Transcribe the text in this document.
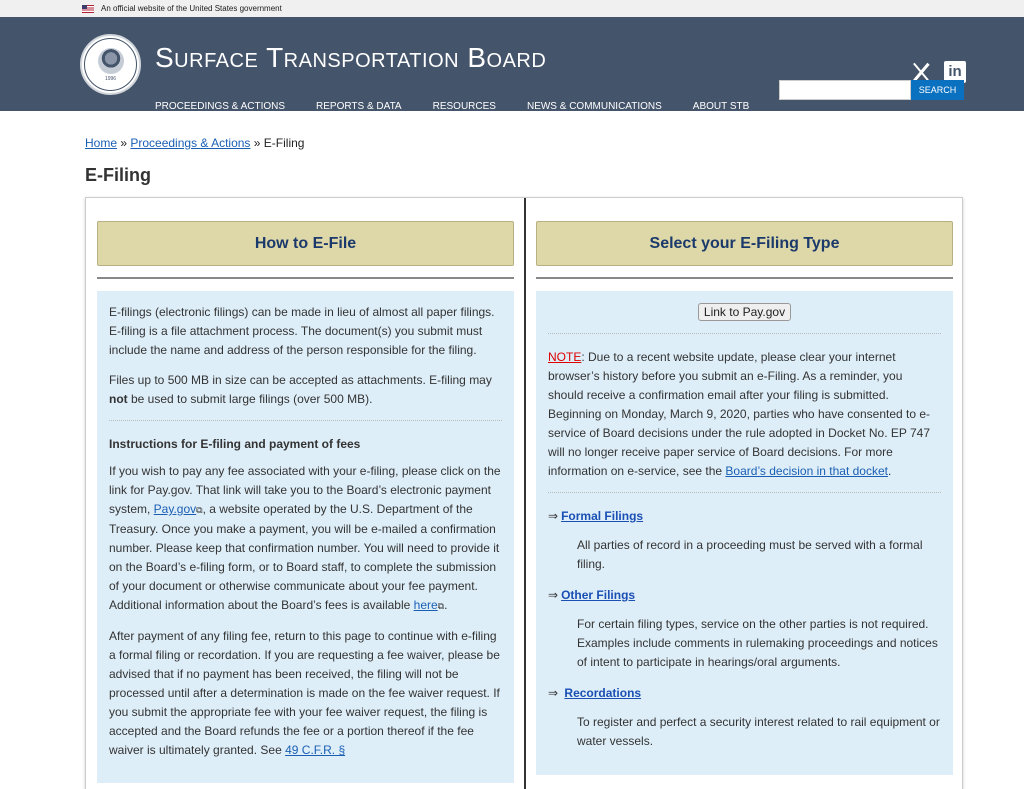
An official website of the United States government
1996
Surface Transportation Board
PROCEEDINGS & ACTIONS	REPORTS & DATA	RESOURCES	NEWS & COMMUNICATIONS	ABOUT STB
in
SEARCH
Home » Proceedings & Actions » E-Filing
E-Filing
How to E-File

E-filings (electronic filings) can be made in lieu of almost all paper filings. E-filing is a file attachment process. The document(s) you submit must include the name and address of the person responsible for the filing.

Files up to 500 MB in size can be accepted as attachments. E-filing may not be used to submit large filings (over 500 MB).

Instructions for E-filing and payment of fees

If you wish to pay any fee associated with your e-filing, please click on the link for Pay.gov. That link will take you to the Board’s electronic payment system, Pay.gov⧉, a website operated by the U.S. Department of the Treasury. Once you make a payment, you will be e-mailed a confirmation number. Please keep that confirmation number. You will need to provide it on the Board’s e-filing form, or to Board staff, to complete the submission of your document or otherwise communicate about your fee payment. Additional information about the Board’s fees is available here⧉.

After payment of any filing fee, return to this page to continue with e-filing a formal filing or recordation. If you are requesting a fee waiver, please be advised that if no payment has been received, the filing will not be processed until after a determination is made on the fee waiver request. If you submit the appropriate fee with your fee waiver request, the filing is accepted and the Board refunds the fee or a portion thereof if the fee waiver is ultimately granted. See 49 C.F.R. §

Select your E-Filing Type
Link to Pay.gov

NOTE: Due to a recent website update, please clear your internet browser’s history before you submit an e-Filing. As a reminder, you should receive a confirmation email after your filing is submitted. Beginning on Monday, March 9, 2020, parties who have consented to e-service of Board decisions under the rule adopted in Docket No. EP 747 will no longer receive paper service of Board decisions. For more information on e-service, see the Board’s decision in that docket.

⇒ Formal Filings
All parties of record in a proceeding must be served with a formal filing.
⇒ Other Filings
For certain filing types, service on the other parties is not required. Examples include comments in rulemaking proceedings and notices of intent to participate in hearings/oral arguments.
⇒ Recordations
To register and perfect a security interest related to rail equipment or water vessels.
